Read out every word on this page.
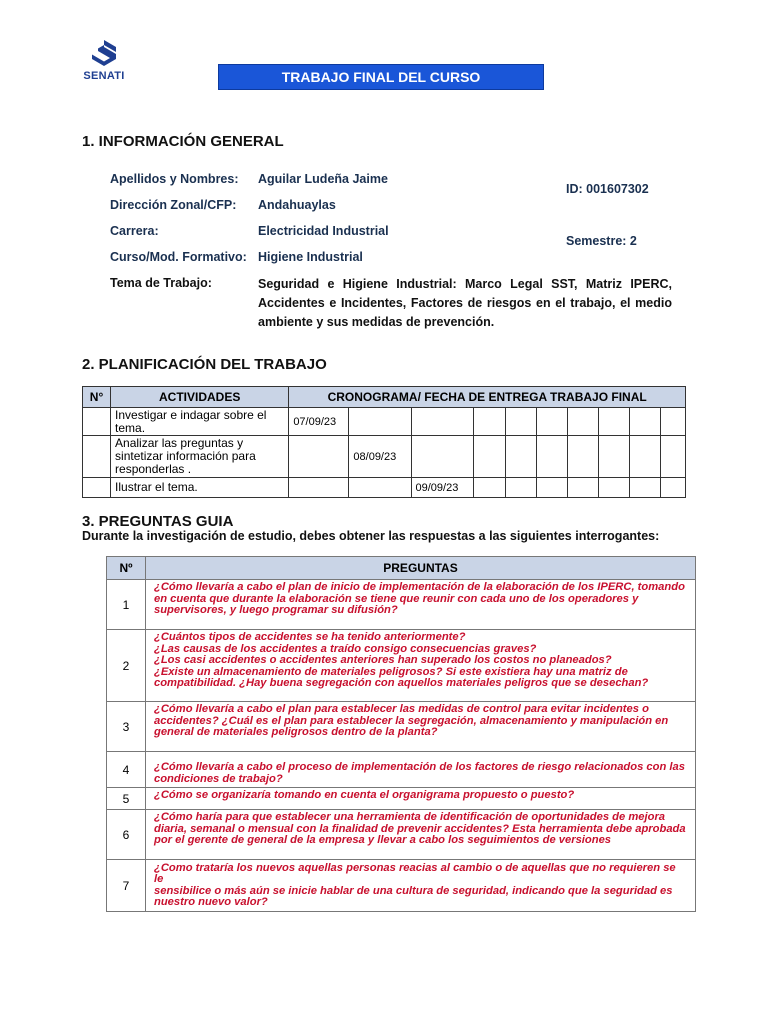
SENATI	TRABAJO FINAL DEL CURSO
1. INFORMACIÓN GENERAL
Apellidos y Nombres: Aguilar Ludeña Jaime
Dirección Zonal/CFP: Andahuaylas
Carrera:	Electricidad Industrial
Curso/Mod. Formativo: Higiene Industrial
Tema de Trabajo:	Seguridad e Higiene Industrial: Marco Legal SST, Matriz IPERC, Accidentes e Incidentes, Factores de riesgos en el trabajo, el medio ambiente y sus medidas de prevención.
ID: 001607302
Semestre: 2
2. PLANIFICACIÓN DEL TRABAJO
N°	ACTIVIDADES	CRONOGRAMA/ FECHA DE ENTREGA TRABAJO FINAL									
	Investigar e indagar sobre el tema.	07/09/23									
	Analizar las preguntas y sintetizar información para responderlas .		08/09/23								
	Ilustrar el tema.			09/09/23							
3. PREGUNTAS GUIA
Durante la investigación de estudio, debes obtener las respuestas a las siguientes interrogantes:
Nº	PREGUNTAS
1	¿Cómo llevaría a cabo el plan de inicio de implementación de la elaboración de los IPERC, tomando
en cuenta que durante la elaboración se tiene que reunir con cada uno de los operadores y
supervisores, y luego programar su difusión?

2	¿Cuántos tipos de accidentes se ha tenido anteriormente?
¿Las causas de los accidentes a traído consigo consecuencias graves?
¿Los casi accidentes o accidentes anteriores han superado los costos no planeados?
¿Existe un almacenamiento de materiales peligrosos? Si este existiera hay una matriz de
compatibilidad. ¿Hay buena segregación con aquellos materiales peligros que se desechan?

3	¿Cómo llevaría a cabo el plan para establecer las medidas de control para evitar incidentes o
accidentes? ¿Cuál es el plan para establecer la segregación, almacenamiento y manipulación en
general de materiales peligrosos dentro de la planta?

4	¿Cómo llevaría a cabo el proceso de implementación de los factores de riesgo relacionados con las
condiciones de trabajo?

5	¿Cómo se organizaría tomando en cuenta el organigrama propuesto o puesto?

6	¿Cómo haría para que establecer una herramienta de identificación de oportunidades de mejora
diaria, semanal o mensual con la finalidad de prevenir accidentes? Esta herramienta debe aprobada
por el gerente de general de la empresa y llevar a cabo los seguimientos de versiones

7	¿Como trataría los nuevos aquellas personas reacias al cambio o de aquellas que no requieren se le
sensibilice o más aún se inicie hablar de una cultura de seguridad, indicando que la seguridad es
nuestro nuevo valor?
